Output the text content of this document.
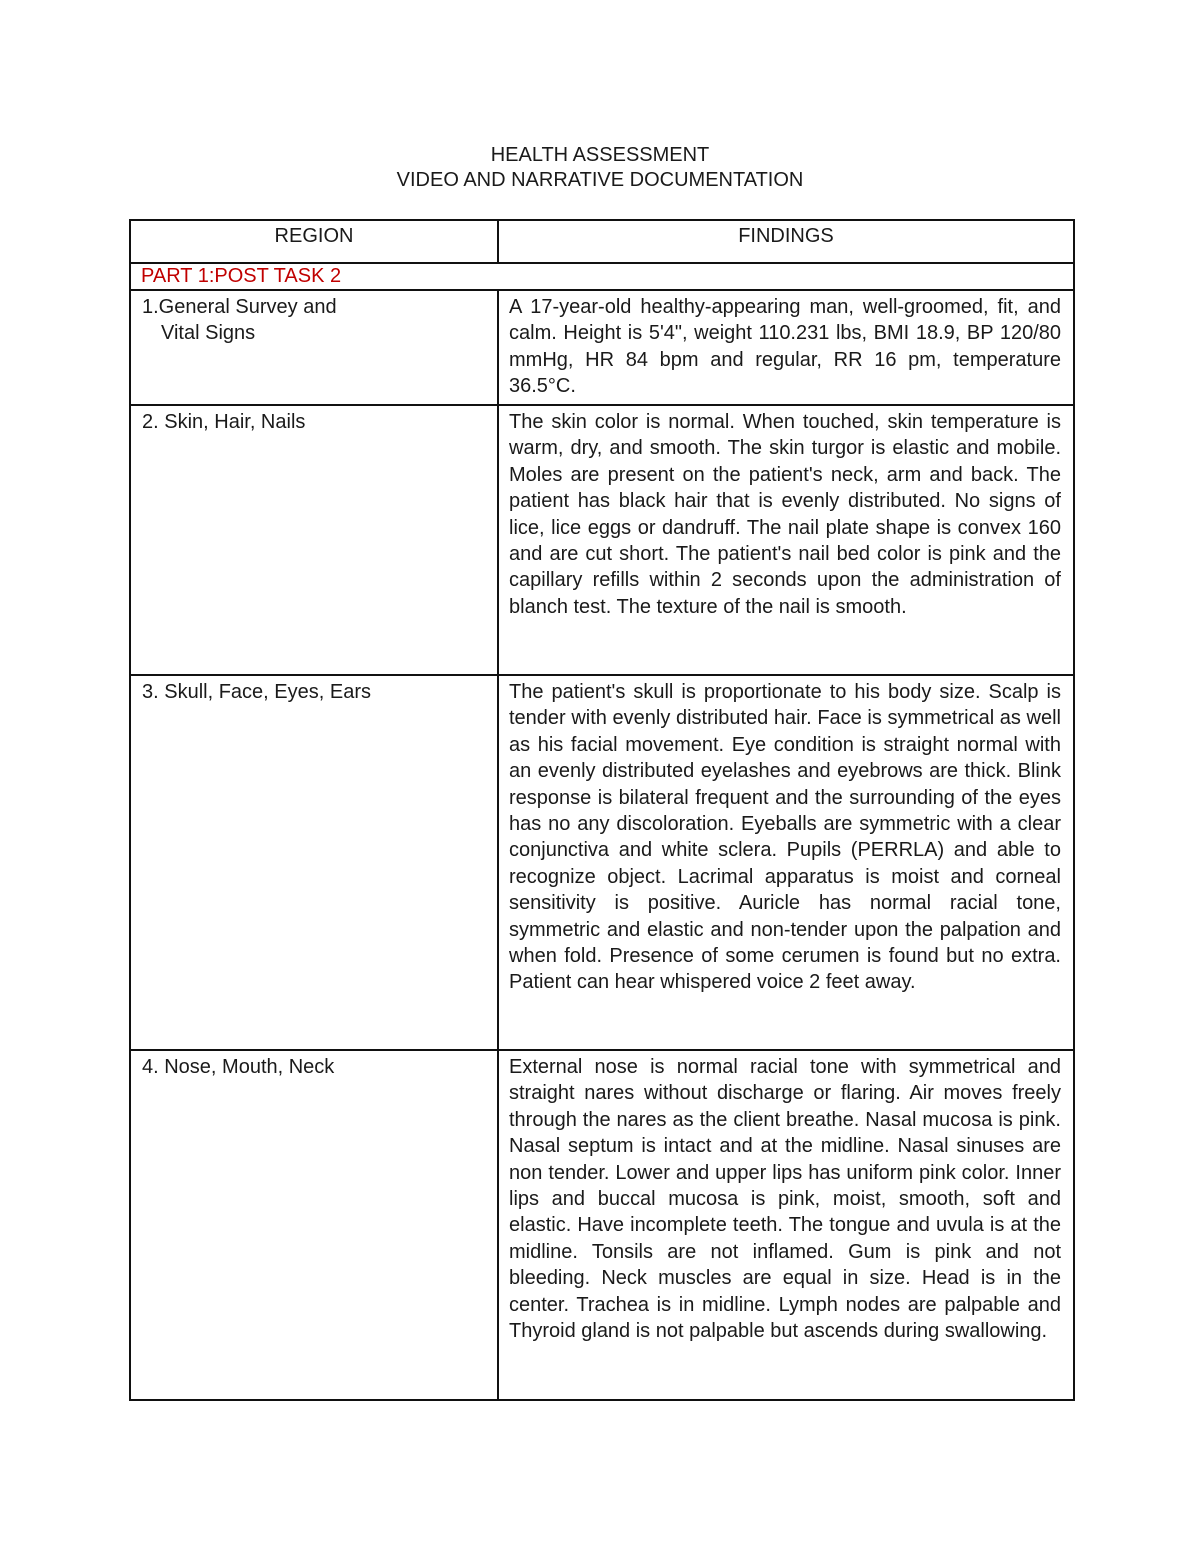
HEALTH ASSESSMENT
VIDEO AND NARRATIVE DOCUMENTATION
REGION	FINDINGS
PART 1:POST TASK 2	
1.General Survey and
Vital Signs	A 17-year-old healthy-appearing man, well-groomed, fit, and calm. Height is 5'4", weight 110.231 lbs, BMI 18.9, BP 120/80 mmHg, HR 84 bpm and regular, RR 16 pm, temperature 36.5°C.
2. Skin, Hair, Nails	The skin color is normal. When touched, skin temperature is warm, dry, and smooth. The skin turgor is elastic and mobile. Moles are present on the patient's neck, arm and back. The patient has black hair that is evenly distributed. No signs of lice, lice eggs or dandruff. The nail plate shape is convex 160 and are cut short. The patient's nail bed color is pink and the capillary refills within 2 seconds upon the administration of blanch test. The texture of the nail is smooth.
3. Skull, Face, Eyes, Ears	The patient's skull is proportionate to his body size. Scalp is tender with evenly distributed hair. Face is symmetrical as well as his facial movement. Eye condition is straight normal with an evenly distributed eyelashes and eyebrows are thick. Blink response is bilateral frequent and the surrounding of the eyes has no any discoloration. Eyeballs are symmetric with a clear conjunctiva and white sclera. Pupils (PERRLA) and able to recognize object. Lacrimal apparatus is moist and corneal sensitivity is positive. Auricle has normal racial tone, symmetric and elastic and non-tender upon the palpation and when fold. Presence of some cerumen is found but no extra. Patient can hear whispered voice 2 feet away.
4. Nose, Mouth, Neck	External nose is normal racial tone with symmetrical and straight nares without discharge or flaring. Air moves freely through the nares as the client breathe. Nasal mucosa is pink. Nasal septum is intact and at the midline. Nasal sinuses are non tender. Lower and upper lips has uniform pink color. Inner lips and buccal mucosa is pink, moist, smooth, soft and elastic. Have incomplete teeth. The tongue and uvula is at the midline. Tonsils are not inflamed. Gum is pink and not bleeding. Neck muscles are equal in size. Head is in the center. Trachea is in midline. Lymph nodes are palpable and Thyroid gland is not palpable but ascends during swallowing.
